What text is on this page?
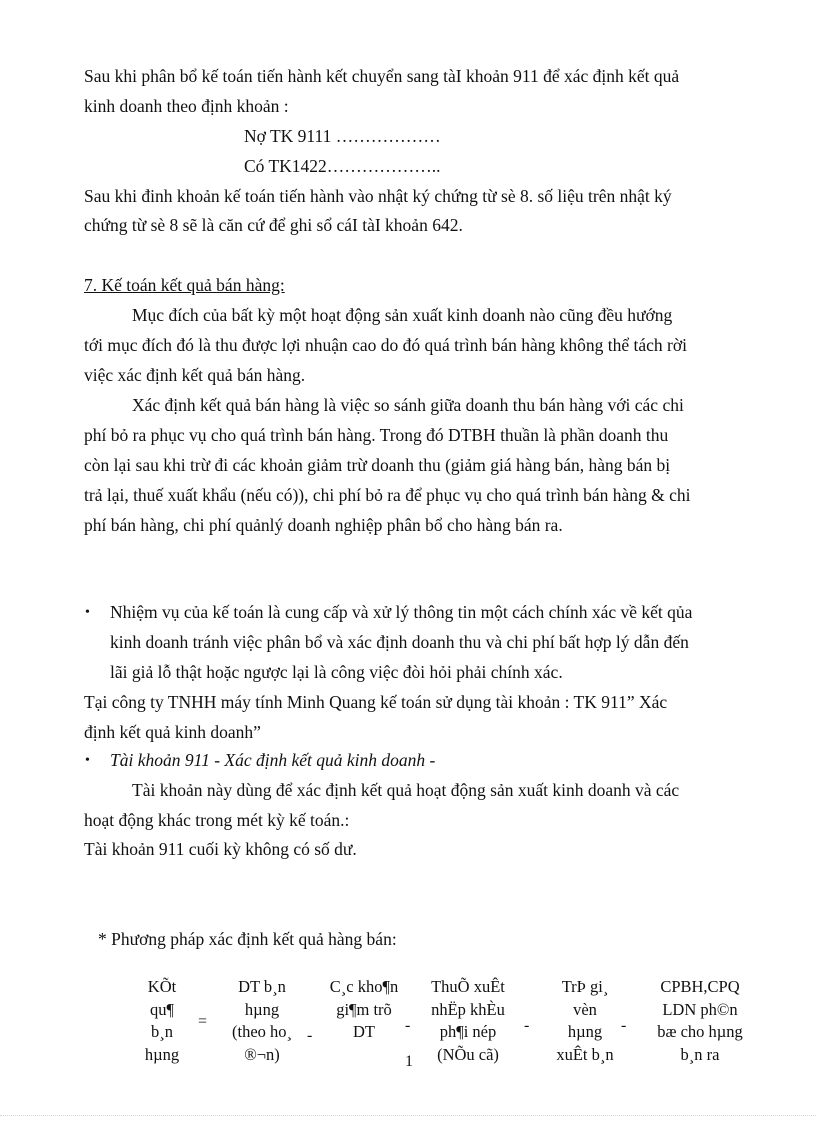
Sau khi phân bổ kế toán tiến hành kết chuyển sang tàI khoản 911 để xác định kết quả
kinh doanh theo định khoản :
Nợ TK 9111 ………………
Có TK1422………………..
Sau khi đinh khoản kế toán tiến hành vào nhật ký chứng từ sè 8. số liệu trên nhật ký
chứng từ sè 8 sẽ là căn cứ để ghi sổ cáI tàI khoản 642.
7. Kế toán kết quả bán hàng:
Mục đích của bất kỳ một hoạt động sản xuất kinh doanh nào cũng đều hướng
tới mục đích đó là thu được lợi nhuận cao do đó quá trình bán hàng không thể tách rời
việc xác định kết quả bán hàng.
Xác định kết quả bán hàng là việc so sánh giữa doanh thu bán hàng với các chi
phí bỏ ra phục vụ cho quá trình bán hàng. Trong đó DTBH thuần là phần doanh thu
còn lại sau khi trừ đi các khoản giảm trừ doanh thu (giảm giá hàng bán, hàng bán bị
trả lại, thuế xuất khẩu (nếu có)), chi phí bỏ ra để phục vụ cho quá trình bán hàng & chi
phí bán hàng, chi phí quảnlý doanh nghiệp phân bổ cho hàng bán ra.
• Nhiệm vụ của kế toán là cung cấp và xử lý thông tin một cách chính xác về kết qủa
kinh doanh tránh việc phân bổ và xác định doanh thu và chi phí bất hợp lý dẫn đến
lãi giả lỗ thật hoặc ngược lại là công việc đòi hỏi phải chính xác.
Tại công ty TNHH máy tính Minh Quang kế toán sử dụng tài khoản : TK 911” Xác
định kết quả kinh doanh”
• Tài khoản 911 - Xác định kết quả kinh doanh -
Tài khoản này dùng để xác định kết quả hoạt động sản xuất kinh doanh và các
hoạt động khác trong mét kỳ kế toán.:
Tài khoản 911 cuối kỳ không có số dư.
* Phương pháp xác định kết quả hàng bán:
KÕt
qu¶
b¸n
hµng
=
DT b¸n
hµng
(theo ho¸
®¬n)
-
C¸c kho¶n
gi¶m trõ
DT	-
ThuÕ xuÊt
nhËp khÈu
ph¶i nép
(NÕu cã)
-
TrÞ gi¸
vèn
hµng
xuÊt b¸n
-
CPBH,CPQ
LDN ph©n
bæ cho hµng
b¸n ra
1
